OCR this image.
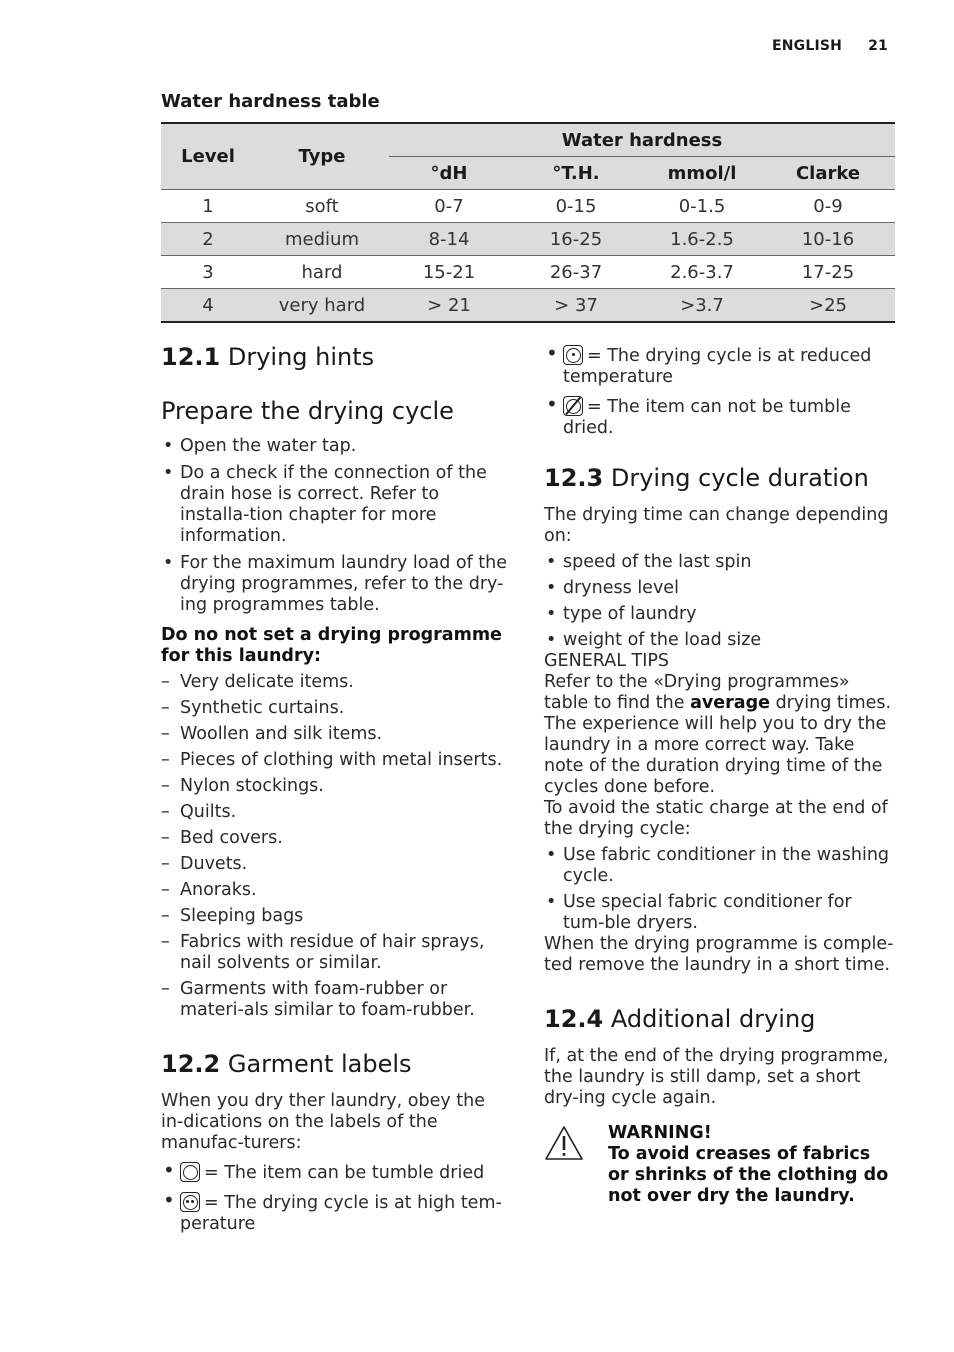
ENGLISH 21
Water hardness table
Level	Type	Water hardness			
		°dH	°T.H.	mmol/l	Clarke
1	soft	0-7	0-15	0-1.5	0-9
2	medium	8-14	16-25	1.6-2.5	10-16
3	hard	15-21	26-37	2.6-3.7	17-25
4	very hard	> 21	> 37	>3.7	>25
12.1 Drying hints
Prepare the drying cycle
• Open the water tap.
• Do a check if the connection of the drain hose is correct. Refer to installa-tion chapter for more information.
• For the maximum laundry load of the drying programmes, refer to the dry-ing programmes table.
Do no not set a drying programme for this laundry:
– Very delicate items.
– Synthetic curtains.
– Woollen and silk items.
– Pieces of clothing with metal inserts.
– Nylon stockings.
– Quilts.
– Bed covers.
– Duvets.
– Anoraks.
– Sleeping bags
– Fabrics with residue of hair sprays, nail solvents or similar.
– Garments with foam-rubber or materi-als similar to foam-rubber.
12.2 Garment labels
When you dry ther laundry, obey the in-dications on the labels of the manufac-turers:
• = The item can be tumble dried
• = The drying cycle is at high tem-perature
• = The drying cycle is at reduced temperature
• = The item can not be tumble dried.
12.3 Drying cycle duration
The drying time can change depending on:
• speed of the last spin
• dryness level
• type of laundry
• weight of the load size
GENERAL TIPS
Refer to the «Drying programmes» table to find the average drying times.
The experience will help you to dry the laundry in a more correct way. Take note of the duration drying time of the cycles done before.
To avoid the static charge at the end of the drying cycle:
• Use fabric conditioner in the washing cycle.
• Use special fabric conditioner for tum-ble dryers.
When the drying programme is comple-ted remove the laundry in a short time.
12.4 Additional drying
If, at the end of the drying programme, the laundry is still damp, set a short dry-ing cycle again.
WARNING!
To avoid creases of fabrics or shrinks of the clothing do not over dry the laundry.
